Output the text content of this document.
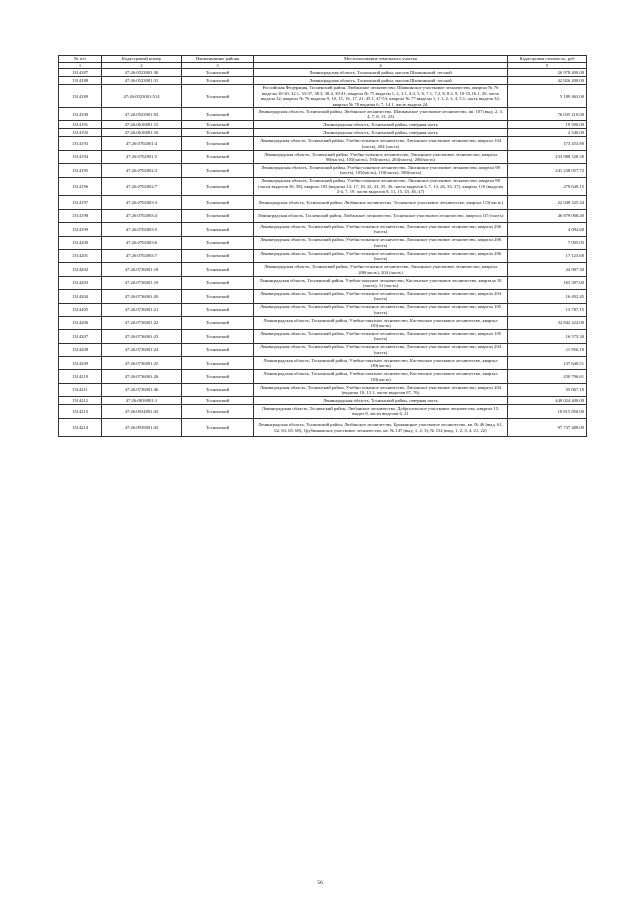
№ п/п	Кадастровый номер	Наименование района	Местоположение земельного участка	Кадастровая стоимость, руб
1	2	3	4	5
1314187	47:26:0523001:30	Тосненский	Ленинградская область, Тосненский район, массив Шапкинский -лесной	26 978 400.00
1314188	47:26:0523001:31	Тосненский	Ленинградская область, Тосненский район, массив Шапкинский -лесной	42 826 200.00
1314189	47:26:0523001:514	Тосненский	Российская Федерация, Тосненский район, Любанское лесничество, Шапкинское участковое лесничество, квартал № 76 выделы 10-20, 32.1, 33-37, 38.3, 38.4, 39-41; квартал № 75 выделы 1, 2, 3.1, 4.3, 5, 6, 7.1, 7.2, 8, 8.2, 9, 10-15,16.1, 20, часть выдела 32; квартал № 76 выделы 9, 10, 15, 16, 17, 21, 45.1, 47-53; квартал № 77 выделы 1, 1.1, 2, 3, 4, 5.1, часть выдела 32; квартал № 78 выделы 6, 7, 14.1, часть выдела 24.	5 189 463.00
1314190	47:26:0523001:92	Тосненский	Ленинградская область, Тосненский район, Любанское лесничество, Шапкинское участковое лесничество, кв. 107 (выд. 2, 3, 4, 7, 8, 13, 23)	76 035 210.00
1314191	47:26:0616001:15	Тосненский	Ленинградская область, Тосненский район, северная часть	19 500.00
1314192	47:26:0616001:16	Тосненский	Ленинградская область, Тосненский район, северная часть	2 340.00
1314193	47:26:0702001:4	Тосненский	Ленинградская область, Тосненский район, Учебно-опытное лесничество, Лисинское участковое лесничество, квартал 104 (часть), 204 (часть)	173 453.80
1314194	47:26:0702001:5	Тосненский	Ленинградская область, Тосненский район, Учебно-опытное лесничество, Лисинское участковое лесничество, квартал 98(часть), 105(часть), 193(часть), 204(часть), 206(часть)	233 988 528.30
1314195	47:26:0702002:3	Тосненский	Ленинградская область, Тосненский район, Учебно-опытное лесничество, Лисинское участковое лесничество, квартал 98 (часть), 105(часть), 110(часть), 180(часть)	241 238 057.72
1314196	47:26:0702002:7	Тосненский	Ленинградская область, Тосненский район, Учебно-опытное лесничество, Лисинское участковое лесничество, квартал 98 (части выделов 56, 58), квартал 105 (выделы 14, 17, 18, 22, 23, 35, 36, части выделов 3, 7, 13, 26, 33, 37), квартал 110 (выделы 2-4, 7, 19, части выделов 8, 11, 15, 43, 46, 47)	279 649.15
1314197	47:26:0702003:3	Тосненский	Ленинградская область, Тосненский район, Любанское лесничество, Тосненское участковое лесничество, квартал 115(часть)	22 948 325.44
1314198	47:26:0702003:4	Тосненский	Ленинградская область, Тосненский район, Любанское лесничество, Тосненское участковое лесничество, квартал 115 (часть)	46 879 068.40
1314199	47:26:0702003:5	Тосненский	Ленинградская область, Тосненский район, Учебно-опытное лесничество, Лисинское участковое лесничество, квартал 206 (часть)	4 092.60
1314200	47:26:0702003:6	Тосненский	Ленинградская область, Тосненский район, Учебно-опытное лесничество, Лисинское участковое лесничество, квартал 206 (часть)	7 005.05
1314201	47:26:0702003:7	Тосненский	Ленинградская область, Тосненский район, Учебно-опытное лесничество, Лисинское участковое лесничество, квартал 206 (часть)	17 123.60
1314202	47:26:0736001:18	Тосненский	Ленинградская область, Тосненский район, Учебно-опытное лесничество, Лисинское участковое лесничество, квартал 200(часть), 204 (часть)	24 987.30
1314203	47:26:0736001:19	Тосненский	Ленинградская область, Тосненский район, Учебно-опытное лесничество, Кастенское участковое лесничество, квартала 10 (часть), 11 (часть)	163 397.00
1314204	47:26:0736001:20	Тосненский	Ленинградская область, Тосненский район, Учебно-опытное лесничество, Лисинское участковое лесничество, квартал 204 (часть)	16 492.45
1314205	47:26:0736001:21	Тосненский	Ленинградская область, Тосненский район, Учебно-опытное лесничество, Лисинское участковое лесничество, квартал 105 (часть)	13 787.15
1314206	47:26:0736001:22	Тосненский	Ленинградская область, Тосненский район, Учебно-опытное лесничество, Кастенское участковое лесничество, квартал 181(часть)	32 842 222.00
1314207	47:26:0736001:23	Тосненский	Ленинградская область, Тосненский район, Учебно-опытное лесничество, Лисинское участковое лесничество, квартал 105 (часть)	16 575.30
1314208	47:26:0736001:24	Тосненский	Ленинградская область, Тосненский район, Учебно-опытное лесничество, Лисинское участковое лесничество, квартал 204 (часть)	11 956.10
1314209	47:26:0736001:25	Тосненский	Ленинградская область, Тосненский район, Учебно-опытное лесничество, Кастенское участковое лесничество, квартал 183(часть)	137 640.51
1314210	47:26:0736001:26	Тосненский	Ленинградская область, Тосненский район, Учебно-опытное лесничество, Кастенское участковое лесничество, квартал 183(часть)	250 796.61
1314211	47:26:0736001:46	Тосненский	Ленинградская область, Тосненский район, Учебно-опытное лесничество, Лисинское участковое лесничество, квартал 204 (выделы 10, 13.1, части выделов 67, 76)	55 067.10
1314212	47:26:0818001:1	Тосненский	Ленинградская область, Тосненский район, северная часть	440 024 400.00
1314213	47:26:0924001:43	Тосненский	Ленинградская область, Тосненский район, Любанское лесничество, Добросельское участковое лесничество, квартал 15, выдел 8, части выделов 6, 21	10 815 850.00
1314214	47:26:0939001:43	Тосненский	Ленинградская область, Тосненский район, Любанское лесничество, Бронницкое участковое лесничество, кв. № 46 (выд. 61, 62, 63, 65, 68), Трубниковское участковое лесничество, кв. № 147 (выд. 1, 2, 3), № 152 (выд. 1, 2, 3, 4, 21, 22)	97 737 488.00
56
